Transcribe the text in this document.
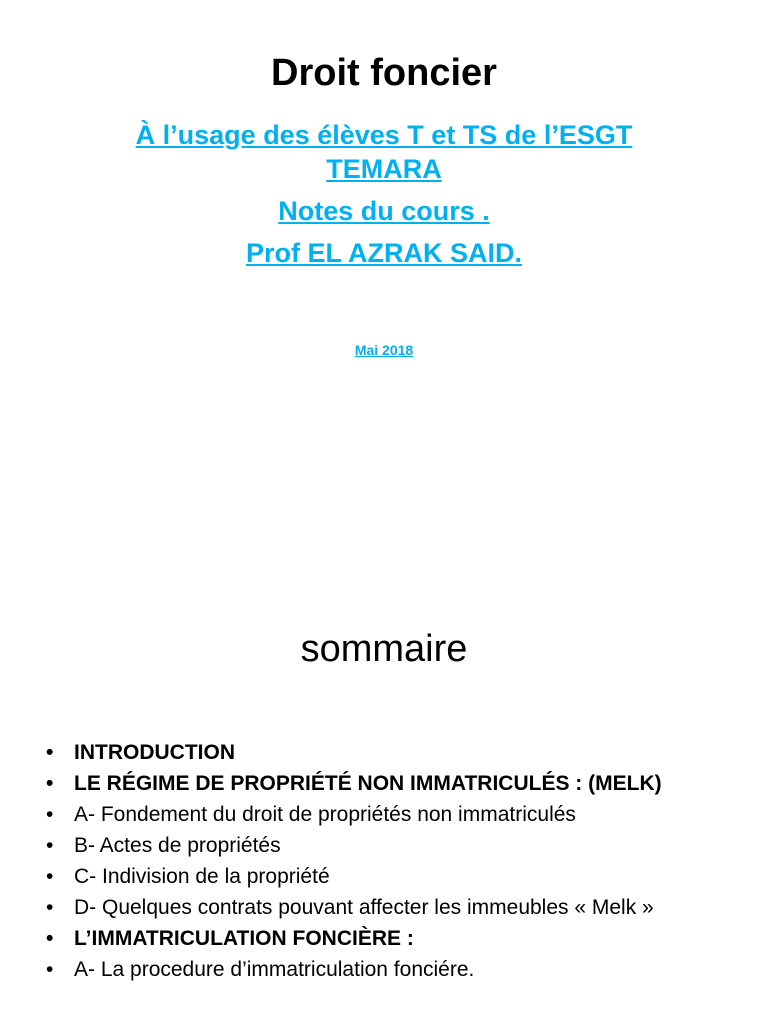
Droit foncier
À l’usage des élèves T et TS de l’ESGT
TEMARA
Notes du cours .
Prof EL AZRAK SAID.
Mai 2018
sommaire
• INTRODUCTION
• LE RÉGIME DE PROPRIÉTÉ NON IMMATRICULÉS : (MELK)
• A- Fondement du droit de propriétés non immatriculés
• B- Actes de propriétés
• C- Indivision de la propriété
• D- Quelques contrats pouvant affecter les immeubles « Melk »
• L’IMMATRICULATION FONCIÈRE :
• A- La procedure d’immatriculation fonciére.
